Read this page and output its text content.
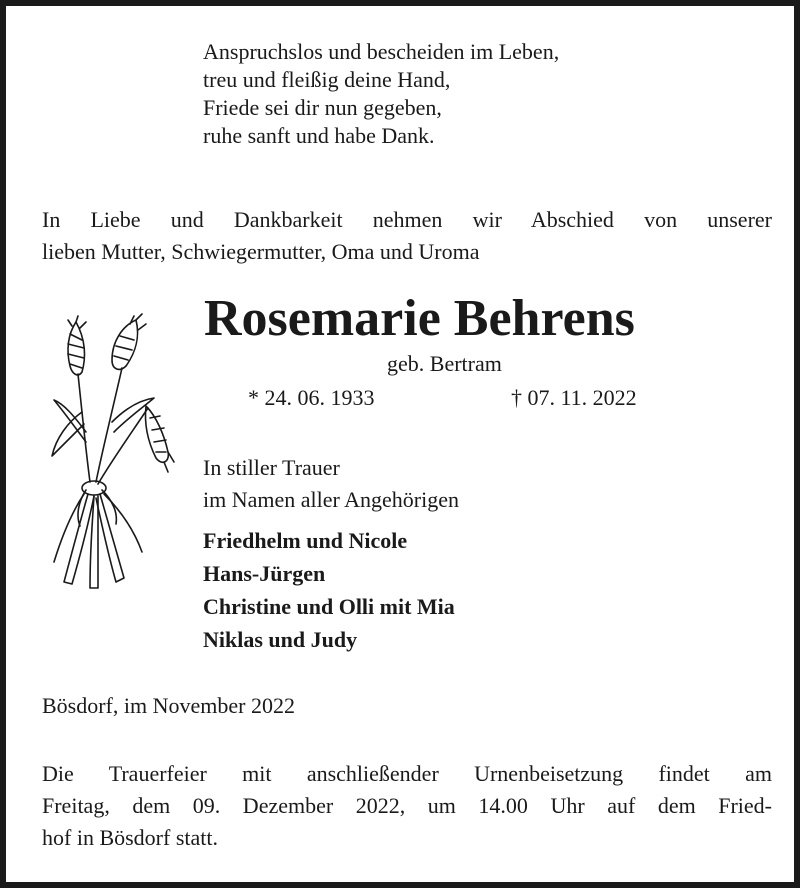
Anspruchslos und bescheiden im Leben,
treu und fleißig deine Hand,
Friede sei dir nun gegeben,
ruhe sanft und habe Dank.
In Liebe und Dankbarkeit nehmen wir Abschied von unserer
lieben Mutter, Schwiegermutter, Oma und Uroma
Rosemarie Behrens
geb. Bertram
* 24. 06. 1933	† 07. 11. 2022
In stiller Trauer
im Namen aller Angehörigen
Friedhelm und Nicole
Hans-Jürgen
Christine und Olli mit Mia
Niklas und Judy
Bösdorf, im November 2022
Die Trauerfeier mit anschließender Urnenbeisetzung findet am
Freitag, dem 09. Dezember 2022, um 14.00 Uhr auf dem Fried-
hof in Bösdorf statt.
